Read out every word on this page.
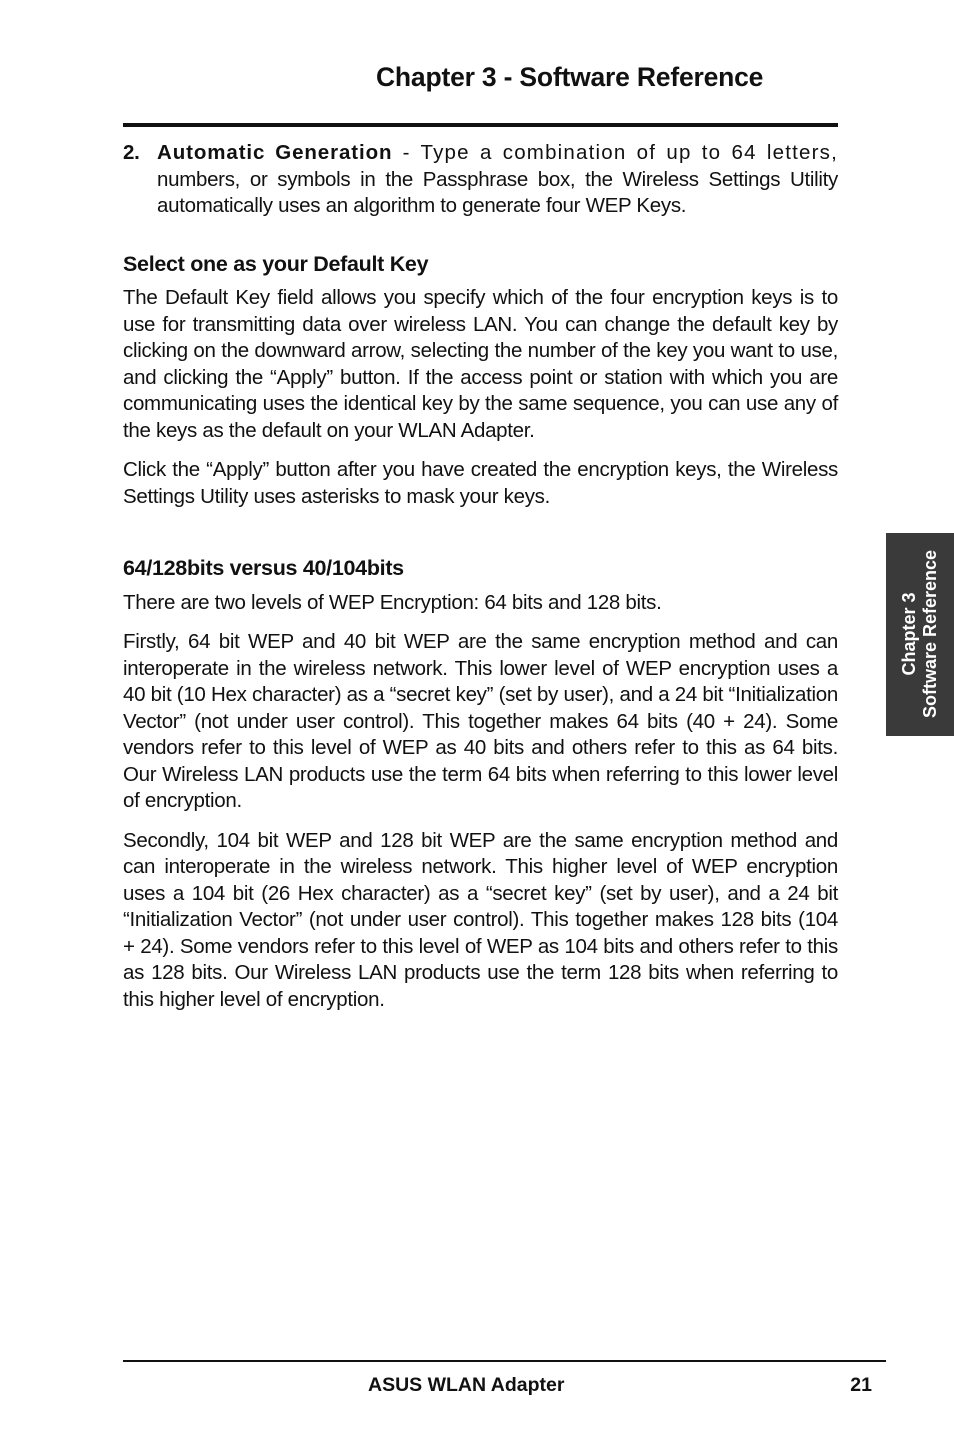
Chapter 3 - Software Reference

2. Automatic Generation - Type a combination of up to 64 letters, numbers, or symbols in the Passphrase box, the Wireless Settings Utility automatically uses an algorithm to generate four WEP Keys.

Select one as your Default Key

The Default Key field allows you specify which of the four encryption keys is to use for transmitting data over wireless LAN. You can change the default key by clicking on the downward arrow, selecting the number of the key you want to use, and clicking the “Apply” button. If the access point or station with which you are communicating uses the identical key by the same sequence, you can use any of the keys as the default on your WLAN Adapter.

Click the “Apply” button after you have created the encryption keys, the Wireless Settings Utility uses asterisks to mask your keys.

64/128bits versus 40/104bits

There are two levels of WEP Encryption: 64 bits and 128 bits.

Firstly, 64 bit WEP and 40 bit WEP are the same encryption method and can interoperate in the wireless network. This lower level of WEP encryption uses a 40 bit (10 Hex character) as a “secret key” (set by user), and a 24 bit “Initialization Vector” (not under user control). This together makes 64 bits (40 + 24). Some vendors refer to this level of WEP as 40 bits and others refer to this as 64 bits. Our Wireless LAN products use the term 64 bits when referring to this lower level of encryption.

Secondly, 104 bit WEP and 128 bit WEP are the same encryption method and can interoperate in the wireless network. This higher level of WEP encryption uses a 104 bit (26 Hex character) as a “secret key” (set by user), and a 24 bit “Initialization Vector” (not under user control). This together makes 128 bits (104 + 24). Some vendors refer to this level of WEP as 104 bits and others refer to this as 128 bits. Our Wireless LAN products use the term 128 bits when referring to this higher level of encryption.

Chapter 3 Software Reference
ASUS WLAN Adapter	21
